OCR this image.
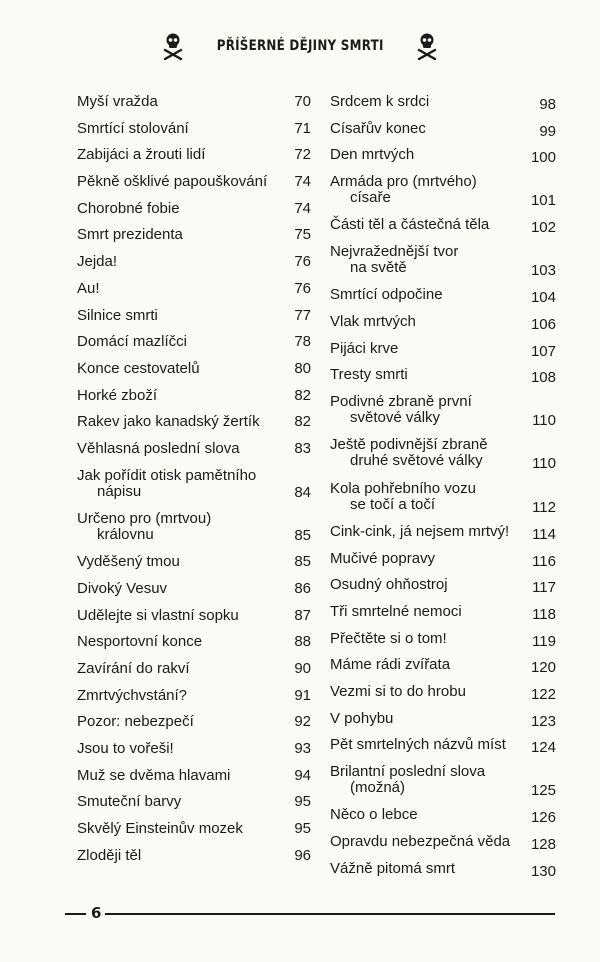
PŘÍŠERNÉ DĚJINY SMRTI
Myší vražda	70
Smrtící stolování	71
Zabijáci a žrouti lidí	72
Pěkně ošklivé papouškování 74
Chorobné fobie	74
Smrt prezidenta	75
Jejda!	76
Au!	76
Silnice smrti	77
Domácí mazlíčci	78
Konce cestovatelů	80
Horké zboží	82
Rakev jako kanadský žertík 82
Věhlasná poslední slova	83
Jak pořídit otisk pamětního
nápisu	84
Určeno pro (mrtvou)
královnu	85
Vyděšený tmou	85
Divoký Vesuv	86
Udělejte si vlastní sopku	87
Nesportovní konce	88
Zavírání do rakví	90
Zmrtvýchvstání?	91
Pozor: nebezpečí	92
Jsou to vořeši!	93
Muž se dvěma hlavami	94
Smuteční barvy	95
Skvělý Einsteinův mozek	95
Zloději těl	96
Srdcem k srdci	98
Císařův konec	99
Den mrtvých	100
Armáda pro (mrtvého)
císaře	101
Části těl a částečná těla	102
Nejvražednější tvor
na světě	103
Smrtící odpočine	104
Vlak mrtvých	106
Pijáci krve	107
Tresty smrti	108
Podivné zbraně první
světové války	110
Ještě podivnější zbraně
druhé světové války	110
Kola pohřebního vozu
se točí a točí	112
Cink-cink, já nejsem mrtvý! 114
Mučivé popravy	116
Osudný ohňostroj	117
Tři smrtelné nemoci	118
Přečtěte si o tom!	119
Máme rádi zvířata	120
Vezmi si to do hrobu	122
V pohybu	123
Pět smrtelných názvů míst 124
Brilantní poslední slova
(možná)	125
Něco o lebce	126
Opravdu nebezpečná věda 128
Vážně pitomá smrt	130
6
